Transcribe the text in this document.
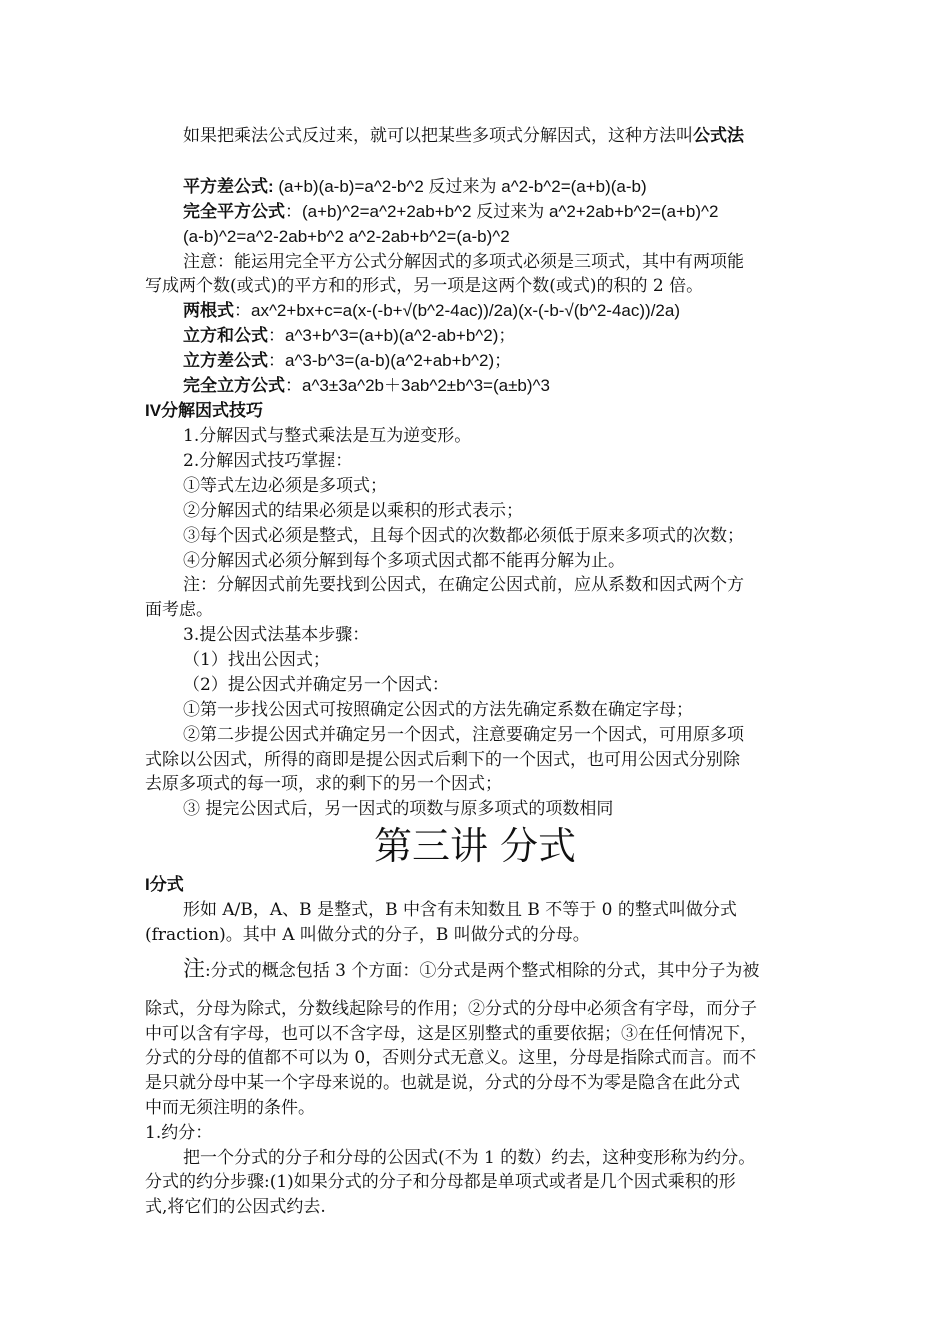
如果把乘法公式反过来，就可以把某些多项式分解因式，这种方法叫公式法
平方差公式: (a+b)(a-b)=a^2-b^2 反过来为 a^2-b^2=(a+b)(a-b)
完全平方公式：(a+b)^2=a^2+2ab+b^2 反过来为 a^2+2ab+b^2=(a+b)^2
(a-b)^2=a^2-2ab+b^2 a^2-2ab+b^2=(a-b)^2
注意：能运用完全平方公式分解因式的多项式必须是三项式，其中有两项能
写成两个数(或式)的平方和的形式，另一项是这两个数(或式)的积的 2 倍。
两根式：ax^2+bx+c=a(x-(-b+√(b^2-4ac))/2a)(x-(-b-√(b^2-4ac))/2a)
立方和公式：a^3+b^3=(a+b)(a^2-ab+b^2)；
立方差公式：a^3-b^3=(a-b)(a^2+ab+b^2)；
完全立方公式：a^3±3a^2b＋3ab^2±b^3=(a±b)^3
IV分解因式技巧
1.分解因式与整式乘法是互为逆变形。
2.分解因式技巧掌握：
①等式左边必须是多项式；
②分解因式的结果必须是以乘积的形式表示；
③每个因式必须是整式，且每个因式的次数都必须低于原来多项式的次数；
④分解因式必须分解到每个多项式因式都不能再分解为止。
注：分解因式前先要找到公因式，在确定公因式前，应从系数和因式两个方
面考虑。
3.提公因式法基本步骤：
（1）找出公因式；
（2）提公因式并确定另一个因式：
①第一步找公因式可按照确定公因式的方法先确定系数在确定字母；
②第二步提公因式并确定另一个因式，注意要确定另一个因式，可用原多项
式除以公因式，所得的商即是提公因式后剩下的一个因式，也可用公因式分别除
去原多项式的每一项，求的剩下的另一个因式；
③ 提完公因式后，另一因式的项数与原多项式的项数相同
第三讲 分式
I分式
形如 A/B，A、B 是整式，B 中含有未知数且 B 不等于 0 的整式叫做分式
(fraction)。其中 A 叫做分式的分子，B 叫做分式的分母。
注:分式的概念包括 3 个方面：①分式是两个整式相除的分式，其中分子为被
除式，分母为除式，分数线起除号的作用；②分式的分母中必须含有字母，而分子
中可以含有字母，也可以不含字母，这是区别整式的重要依据；③在任何情况下，
分式的分母的值都不可以为 0，否则分式无意义。这里，分母是指除式而言。而不
是只就分母中某一个字母来说的。也就是说，分式的分母不为零是隐含在此分式
中而无须注明的条件。
1.约分：
把一个分式的分子和分母的公因式(不为 1 的数）约去，这种变形称为约分。
分式的约分步骤:(1)如果分式的分子和分母都是单项式或者是几个因式乘积的形
式,将它们的公因式约去.
